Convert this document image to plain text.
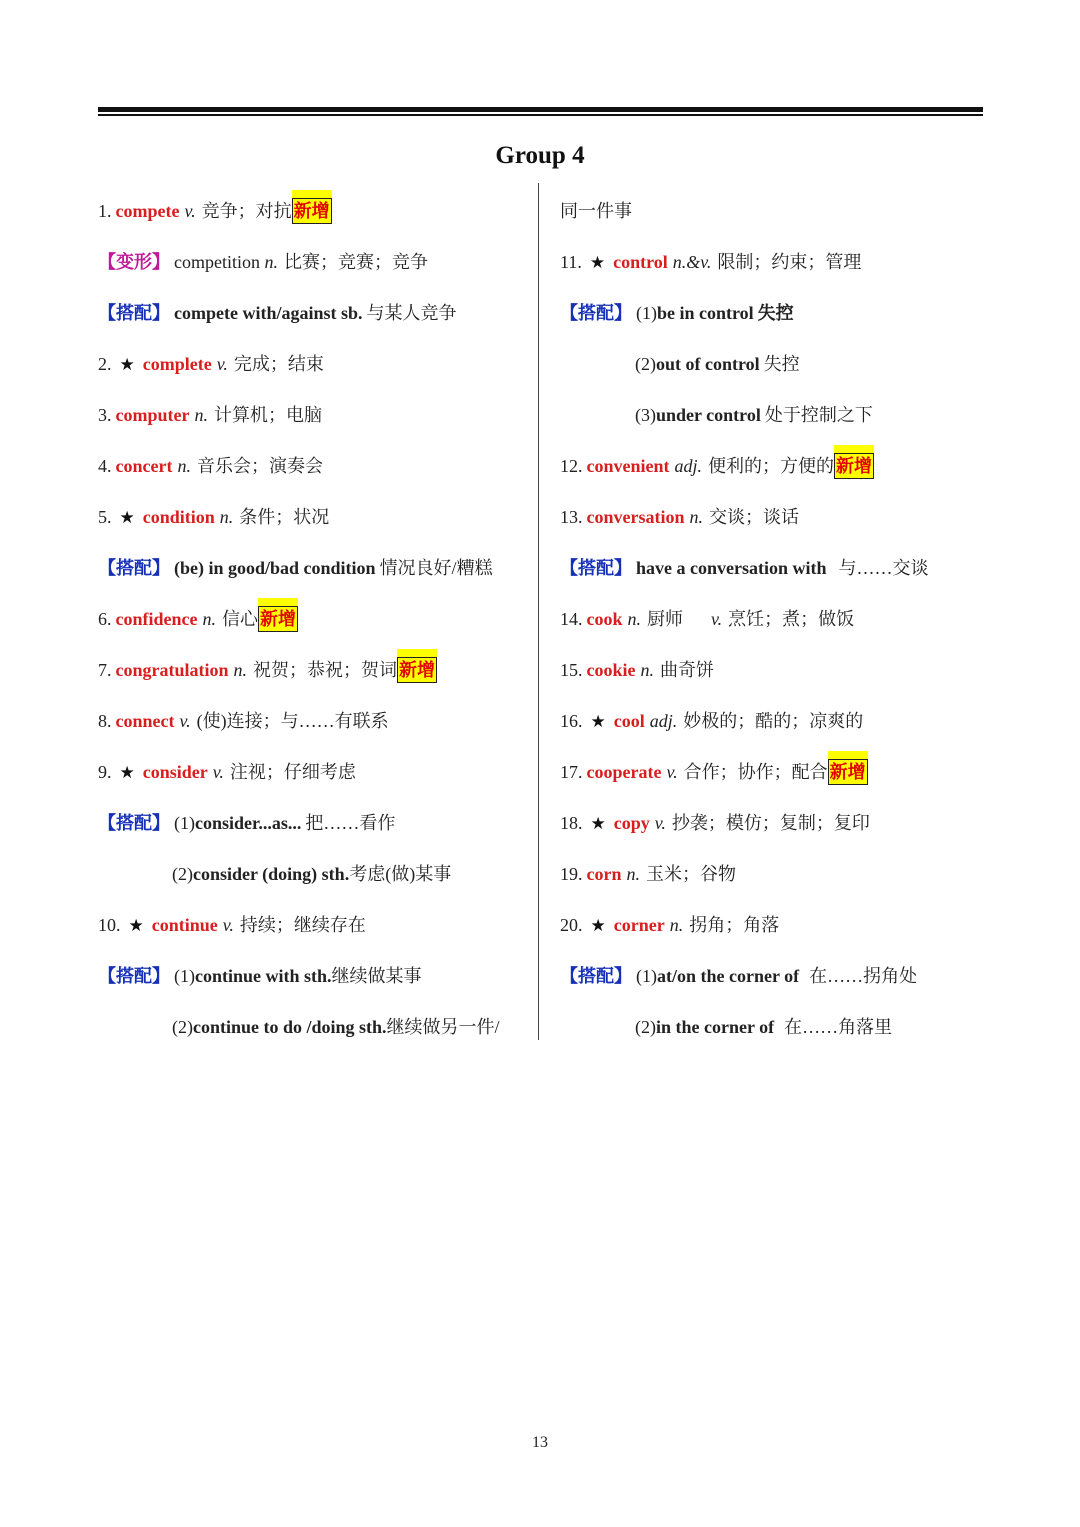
Group 4
1. compete v. 竞争；对抗 新增
【变形】 competition n. 比赛；竞赛；竞争
【搭配】 compete with/against sb. 与某人竞争
2. ★ complete v. 完成；结束
3. computer n. 计算机；电脑
4. concert n. 音乐会；演奏会
5. ★ condition n. 条件；状况
【搭配】 (be) in good/bad condition 情况良好/糟糕
6. confidence n. 信心 新增
7. congratulation n. 祝贺；恭祝；贺词 新增
8. connect v. (使)连接；与……有联系
9. ★ consider v. 注视；仔细考虑
【搭配】 (1)consider...as... 把……看作
(2)consider (doing) sth.考虑(做)某事
10. ★ continue v. 持续；继续存在
【搭配】 (1)continue with sth.继续做某事
(2)continue to do /doing sth.继续做另一件/
同一件事
11. ★ control n.&v. 限制；约束；管理
【搭配】 (1)be in control 失控
(2)out of control 失控
(3)under control 处于控制之下
12. convenient adj. 便利的；方便的 新增
13. conversation n. 交谈；谈话
【搭配】 have a conversation with 与……交谈
14. cook n. 厨师 v. 烹饪；煮；做饭
15. cookie n. 曲奇饼
16. ★ cool adj. 妙极的；酷的；凉爽的
17. cooperate v. 合作；协作；配合 新增
18. ★ copy v. 抄袭；模仿；复制；复印
19. corn n. 玉米；谷物
20. ★ corner n. 拐角；角落
【搭配】 (1)at/on the corner of 在……拐角处
(2)in the corner of 在……角落里
13
